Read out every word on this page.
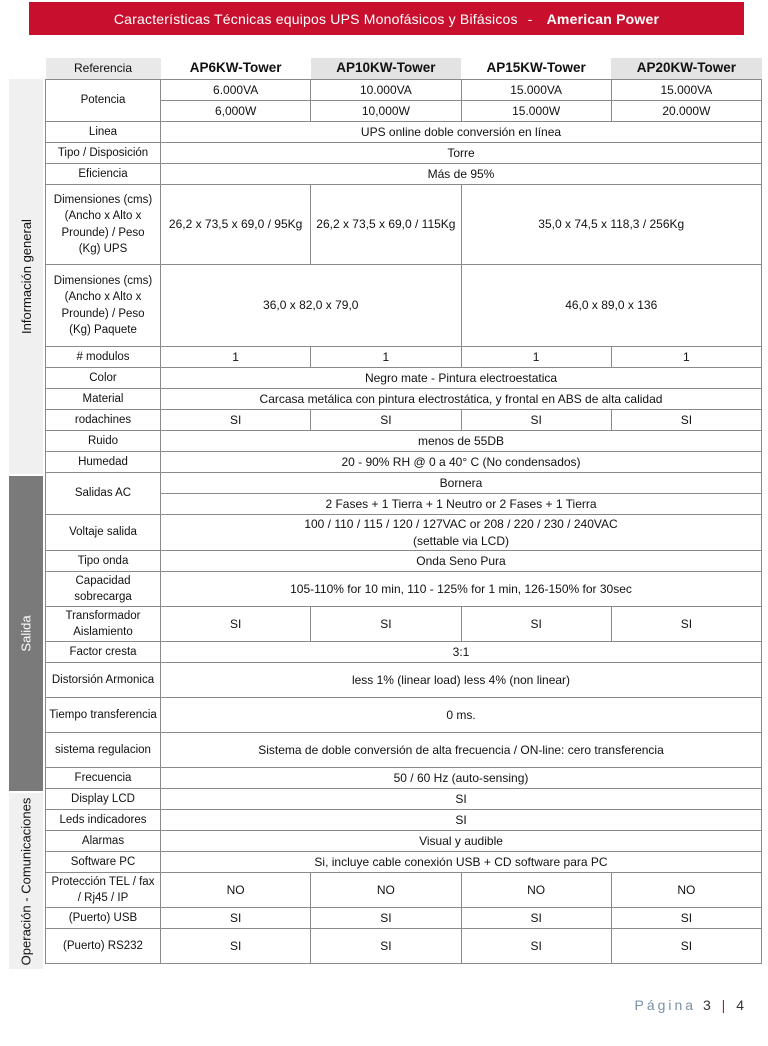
Características Técnicas equipos UPS Monofásicos y Bifásicos - American Power
Información general
Salida
Operación - Comunicaciones
Referencia	AP6KW-Tower	AP10KW-Tower	AP15KW-Tower	AP20KW-Tower
Potencia	6.000VA	10.000VA	15.000VA	15.000VA
	6,000W	10,000W	15.000W	20.000W
Linea	UPS online doble conversión en línea			
Tipo / Disposición	Torre			
Eficiencia	Más de 95%			
Dimensiones (cms) (Ancho x Alto x Prounde) / Peso (Kg) UPS	26,2 x 73,5 x 69,0 / 95Kg	26,2 x 73,5 x 69,0 / 115Kg	35,0 x 74,5 x 118,3 / 256Kg	
Dimensiones (cms) (Ancho x Alto x Prounde) / Peso (Kg) Paquete	36,0 x 82,0 x 79,0		46,0 x 89,0 x 136	
# modulos	1	1	1	1
Color	Negro mate - Pintura electroestatica			
Material	Carcasa metálica con pintura electrostática, y frontal en ABS de alta calidad			
rodachines	SI	SI	SI	SI
Ruido	menos de 55DB			
Humedad	20 - 90% RH @ 0 a 40° C (No condensados)			
Salidas AC	Bornera			
	2 Fases + 1 Tierra + 1 Neutro or 2 Fases + 1 Tierra			
Voltaje salida	100 / 110 / 115 / 120 / 127VAC or 208 / 220 / 230 / 240VAC
(settable via LCD)			

Tipo onda	Onda Seno Pura			
Capacidad sobrecarga	105-110% for 10 min, 110 - 125% for 1 min, 126-150% for 30sec			
Transformador Aislamiento	SI	SI	SI	SI
Factor cresta	3:1			
Distorsión Armonica	less 1% (linear load) less 4% (non linear)			
Tiempo transferencia	0 ms.			
sistema regulacion	Sistema de doble conversión de alta frecuencia / ON-line: cero transferencia			
Frecuencia	50 / 60 Hz (auto-sensing)			
Display LCD	SI			
Leds indicadores	SI			
Alarmas	Visual y audible			
Software PC	Si, incluye cable conexión USB + CD software para PC			
Protección TEL / fax / Rj45 / IP	NO	NO	NO	NO
(Puerto) USB	SI	SI	SI	SI
(Puerto) RS232	SI	SI	SI	SI
Página 3 | 4
